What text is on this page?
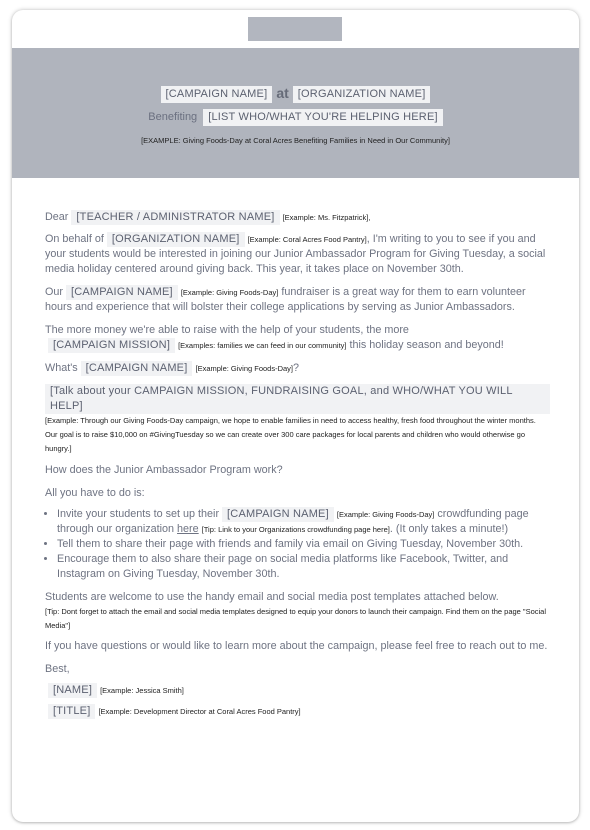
[CAMPAIGN NAME] at [ORGANIZATION NAME]
Benefiting [LIST WHO/WHAT YOU'RE HELPING HERE]
[EXAMPLE: Giving Foods-Day at Coral Acres Benefiting Families in Need in Our Community]

Dear [TEACHER / ADMINISTRATOR NAME] [Example: Ms. Fitzpatrick],

On behalf of [ORGANIZATION NAME] [Example: Coral Acres Food Pantry], I'm writing to you to see if you and your students would be interested in joining our Junior Ambassador Program for Giving Tuesday, a social media holiday centered around giving back. This year, it takes place on November 30th.

Our [CAMPAIGN NAME] [Example: Giving Foods-Day] fundraiser is a great way for them to earn volunteer hours and experience that will bolster their college applications by serving as Junior Ambassadors.

The more money we're able to raise with the help of your students, the more
[CAMPAIGN MISSION] [Examples: families we can feed in our community] this holiday season and beyond!

What's [CAMPAIGN NAME] [Example: Giving Foods-Day]?

[Talk about your CAMPAIGN MISSION, FUNDRAISING GOAL, and WHO/WHAT YOU WILL HELP]

[Example: Through our Giving Foods-Day campaign, we hope to enable families in need to access healthy, fresh food throughout the winter months. Our goal is to raise $10,000 on #GivingTuesday so we can create over 300 care packages for local parents and children who would otherwise go hungry.]

How does the Junior Ambassador Program work?

All you have to do is:

• Invite your students to set up their [CAMPAIGN NAME] [Example: Giving Foods-Day] crowdfunding page through our organization here [Tip: Link to your Organizations crowdfunding page here]. (It only takes a minute!)
• Tell them to share their page with friends and family via email on Giving Tuesday, November 30th.
• Encourage them to also share their page on social media platforms like Facebook, Twitter, and Instagram on Giving Tuesday, November 30th.

Students are welcome to use the handy email and social media post templates attached below.

[Tip: Dont forget to attach the email and social media templates designed to equip your donors to launch their campaign. Find them on the page "Social Media"]

If you have questions or would like to learn more about the campaign, please feel free to reach out to me.

Best,

[NAME] [Example: Jessica Smith]

[TITLE] [Example: Development Director at Coral Acres Food Pantry]
